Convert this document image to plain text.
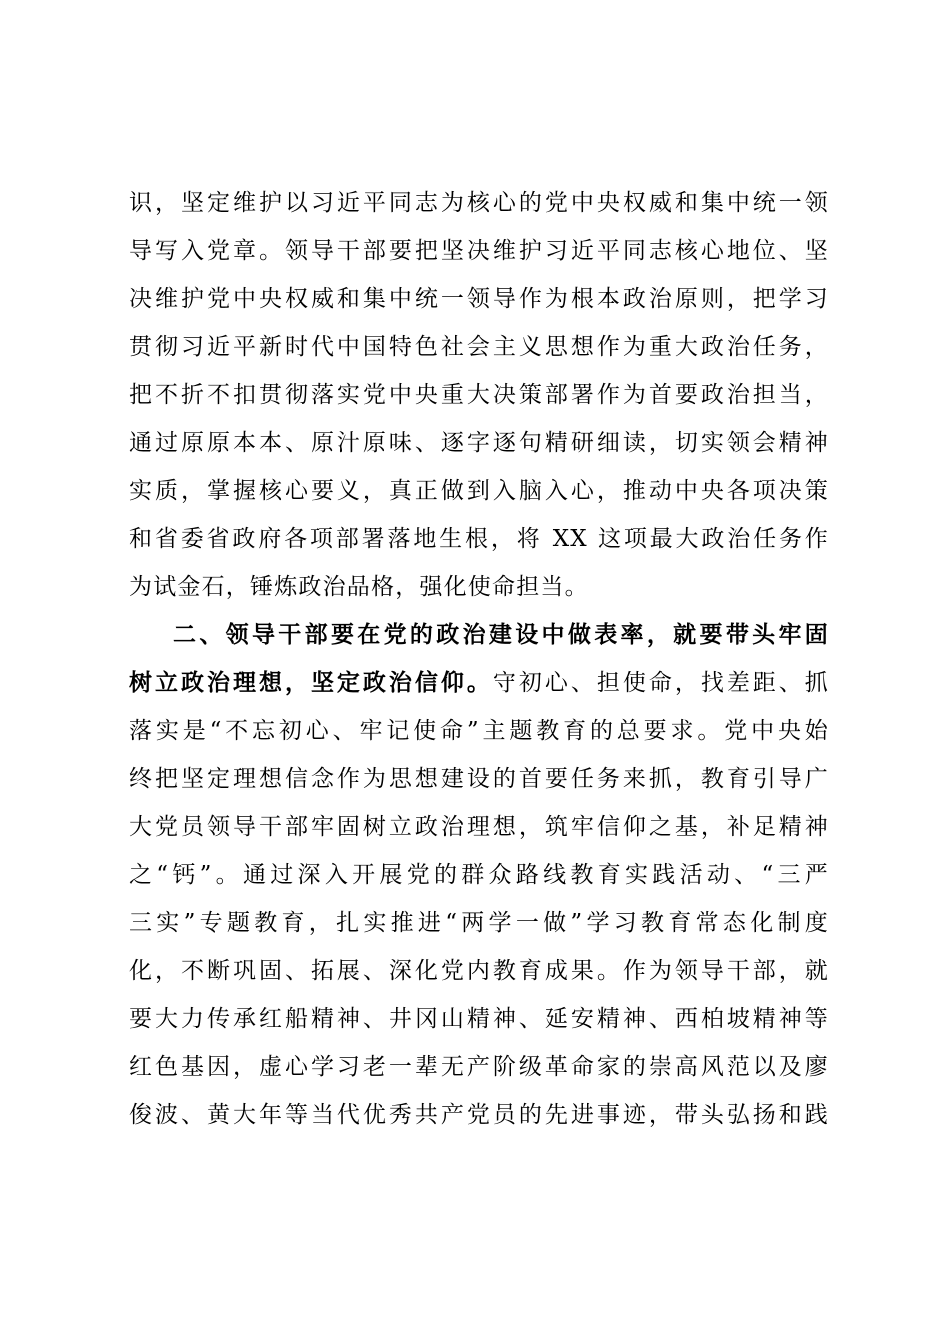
识，坚定维护以习近平同志为核心的党中央权威和集中统一领
导写入党章。领导干部要把坚决维护习近平同志核心地位、坚
决维护党中央权威和集中统一领导作为根本政治原则，把学习
贯彻习近平新时代中国特色社会主义思想作为重大政治任务，
把不折不扣贯彻落实党中央重大决策部署作为首要政治担当，
通过原原本本、原汁原味、逐字逐句精研细读，切实领会精神
实质，掌握核心要义，真正做到入脑入心，推动中央各项决策
和省委省政府各项部署落地生根，将 XX 这项最大政治任务作
为试金石，锤炼政治品格，强化使命担当。
二、领导干部要在党的政治建设中做表率，就要带头牢固
树立政治理想，坚定政治信仰。守初心、担使命，找差距、抓
落实是“不忘初心、牢记使命”主题教育的总要求。党中央始
终把坚定理想信念作为思想建设的首要任务来抓，教育引导广
大党员领导干部牢固树立政治理想，筑牢信仰之基，补足精神
之“钙”。通过深入开展党的群众路线教育实践活动、“三严
三实”专题教育，扎实推进“两学一做”学习教育常态化制度
化，不断巩固、拓展、深化党内教育成果。作为领导干部，就
要大力传承红船精神、井冈山精神、延安精神、西柏坡精神等
红色基因，虚心学习老一辈无产阶级革命家的崇高风范以及廖
俊波、黄大年等当代优秀共产党员的先进事迹，带头弘扬和践
